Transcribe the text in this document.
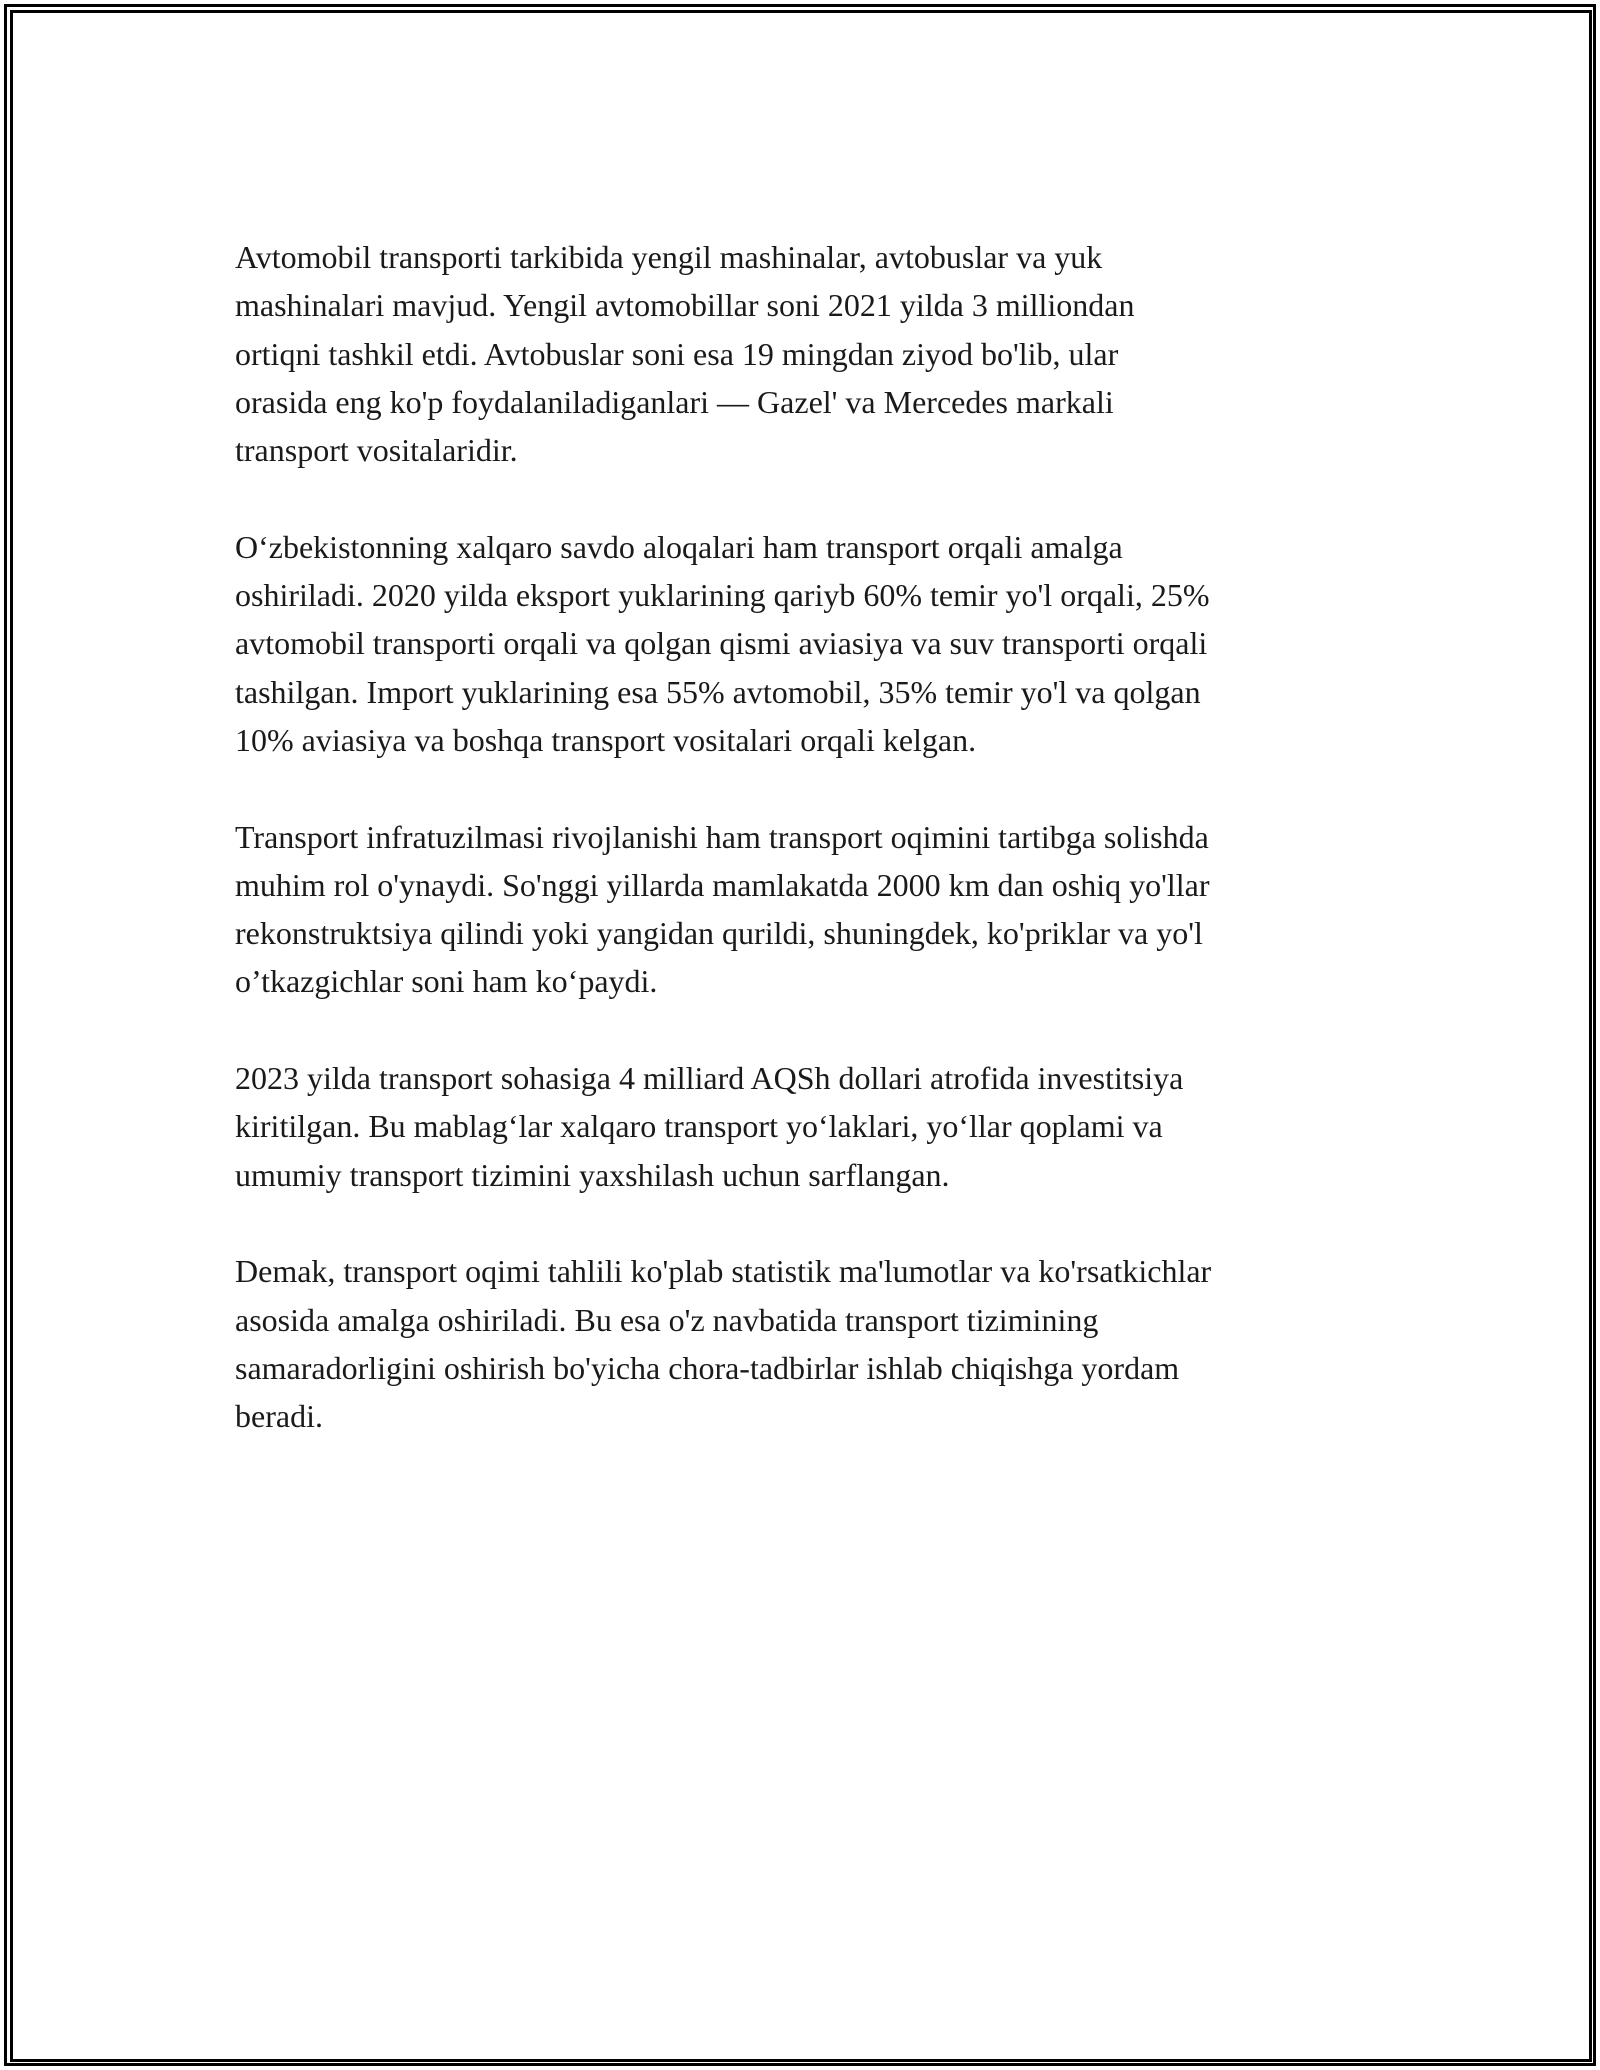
Avtomobil transporti tarkibida yengil mashinalar, avtobuslar va yuk
mashinalari mavjud. Yengil avtomobillar soni 2021 yilda 3 milliondan
ortiqni tashkil etdi. Avtobuslar soni esa 19 mingdan ziyod bo'lib, ular
orasida eng ko'p foydalaniladiganlari — Gazel' va Mercedes markali
transport vositalaridir.

O‘zbekistonning xalqaro savdo aloqalari ham transport orqali amalga
oshiriladi. 2020 yilda eksport yuklarining qariyb 60% temir yo'l orqali, 25%
avtomobil transporti orqali va qolgan qismi aviasiya va suv transporti orqali
tashilgan. Import yuklarining esa 55% avtomobil, 35% temir yo'l va qolgan
10% aviasiya va boshqa transport vositalari orqali kelgan.

Transport infratuzilmasi rivojlanishi ham transport oqimini tartibga solishda
muhim rol o'ynaydi. So'nggi yillarda mamlakatda 2000 km dan oshiq yo'llar
rekonstruktsiya qilindi yoki yangidan qurildi, shuningdek, ko'priklar va yo'l
o’tkazgichlar soni ham ko‘paydi.

2023 yilda transport sohasiga 4 milliard AQSh dollari atrofida investitsiya
kiritilgan. Bu mablag‘lar xalqaro transport yo‘laklari, yo‘llar qoplami va
umumiy transport tizimini yaxshilash uchun sarflangan.

Demak, transport oqimi tahlili ko'plab statistik ma'lumotlar va ko'rsatkichlar
asosida amalga oshiriladi. Bu esa o'z navbatida transport tizimining
samaradorligini oshirish bo'yicha chora-tadbirlar ishlab chiqishga yordam
beradi.
